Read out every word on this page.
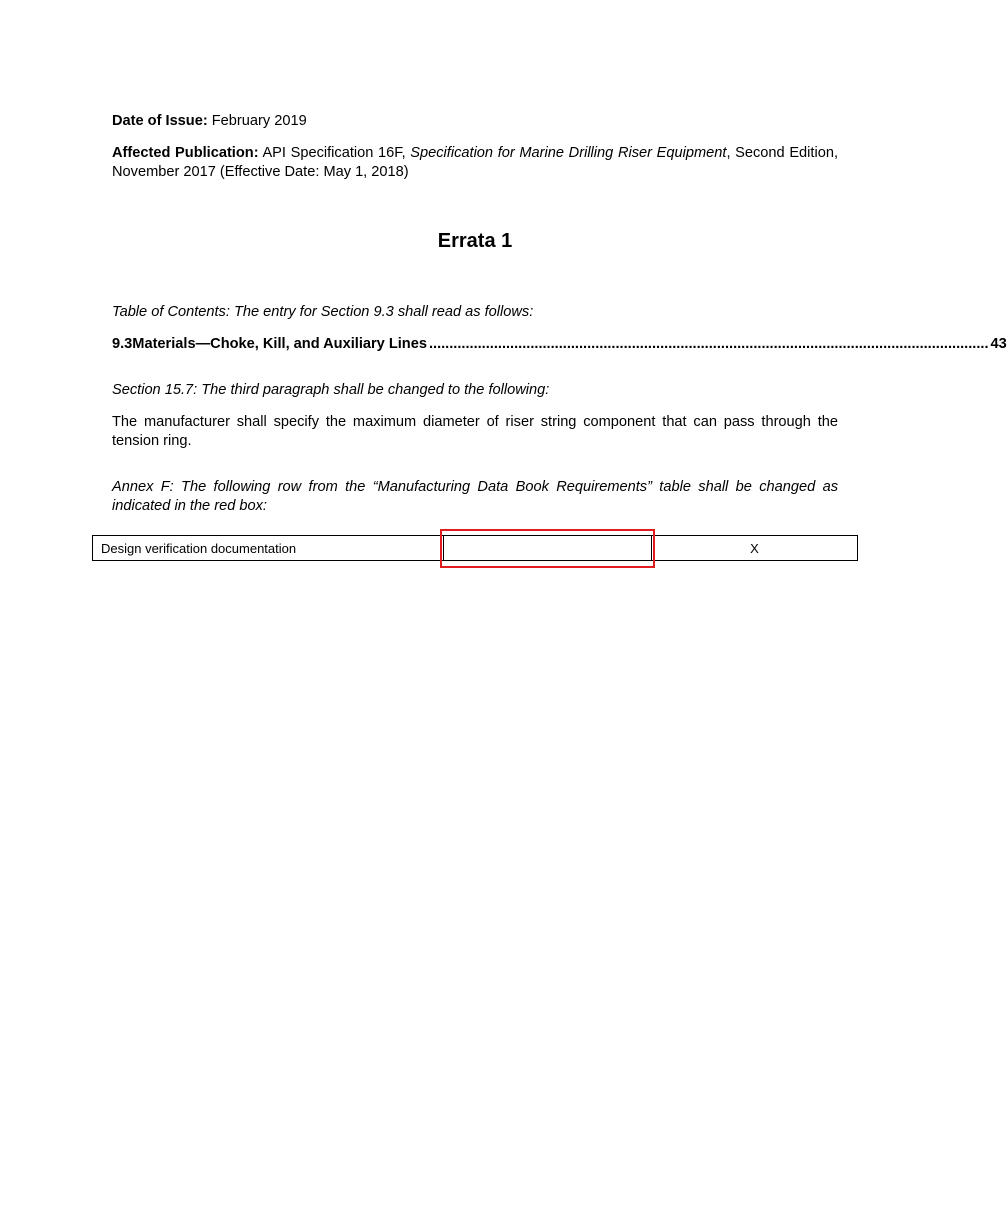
Date of Issue: February 2019
Affected Publication: API Specification 16F, Specification for Marine Drilling Riser Equipment, Second Edition, November 2017 (Effective Date: May 1, 2018)
Errata 1
Table of Contents: The entry for Section 9.3 shall read as follows:
9.3 Materials—Choke, Kill, and Auxiliary Lines .......................................................................................................................................... 43
Section 15.7: The third paragraph shall be changed to the following:
The manufacturer shall specify the maximum diameter of riser string component that can pass through the tension ring.
Annex F: The following row from the “Manufacturing Data Book Requirements” table shall be changed as indicated in the red box:
Design verification documentation		X
